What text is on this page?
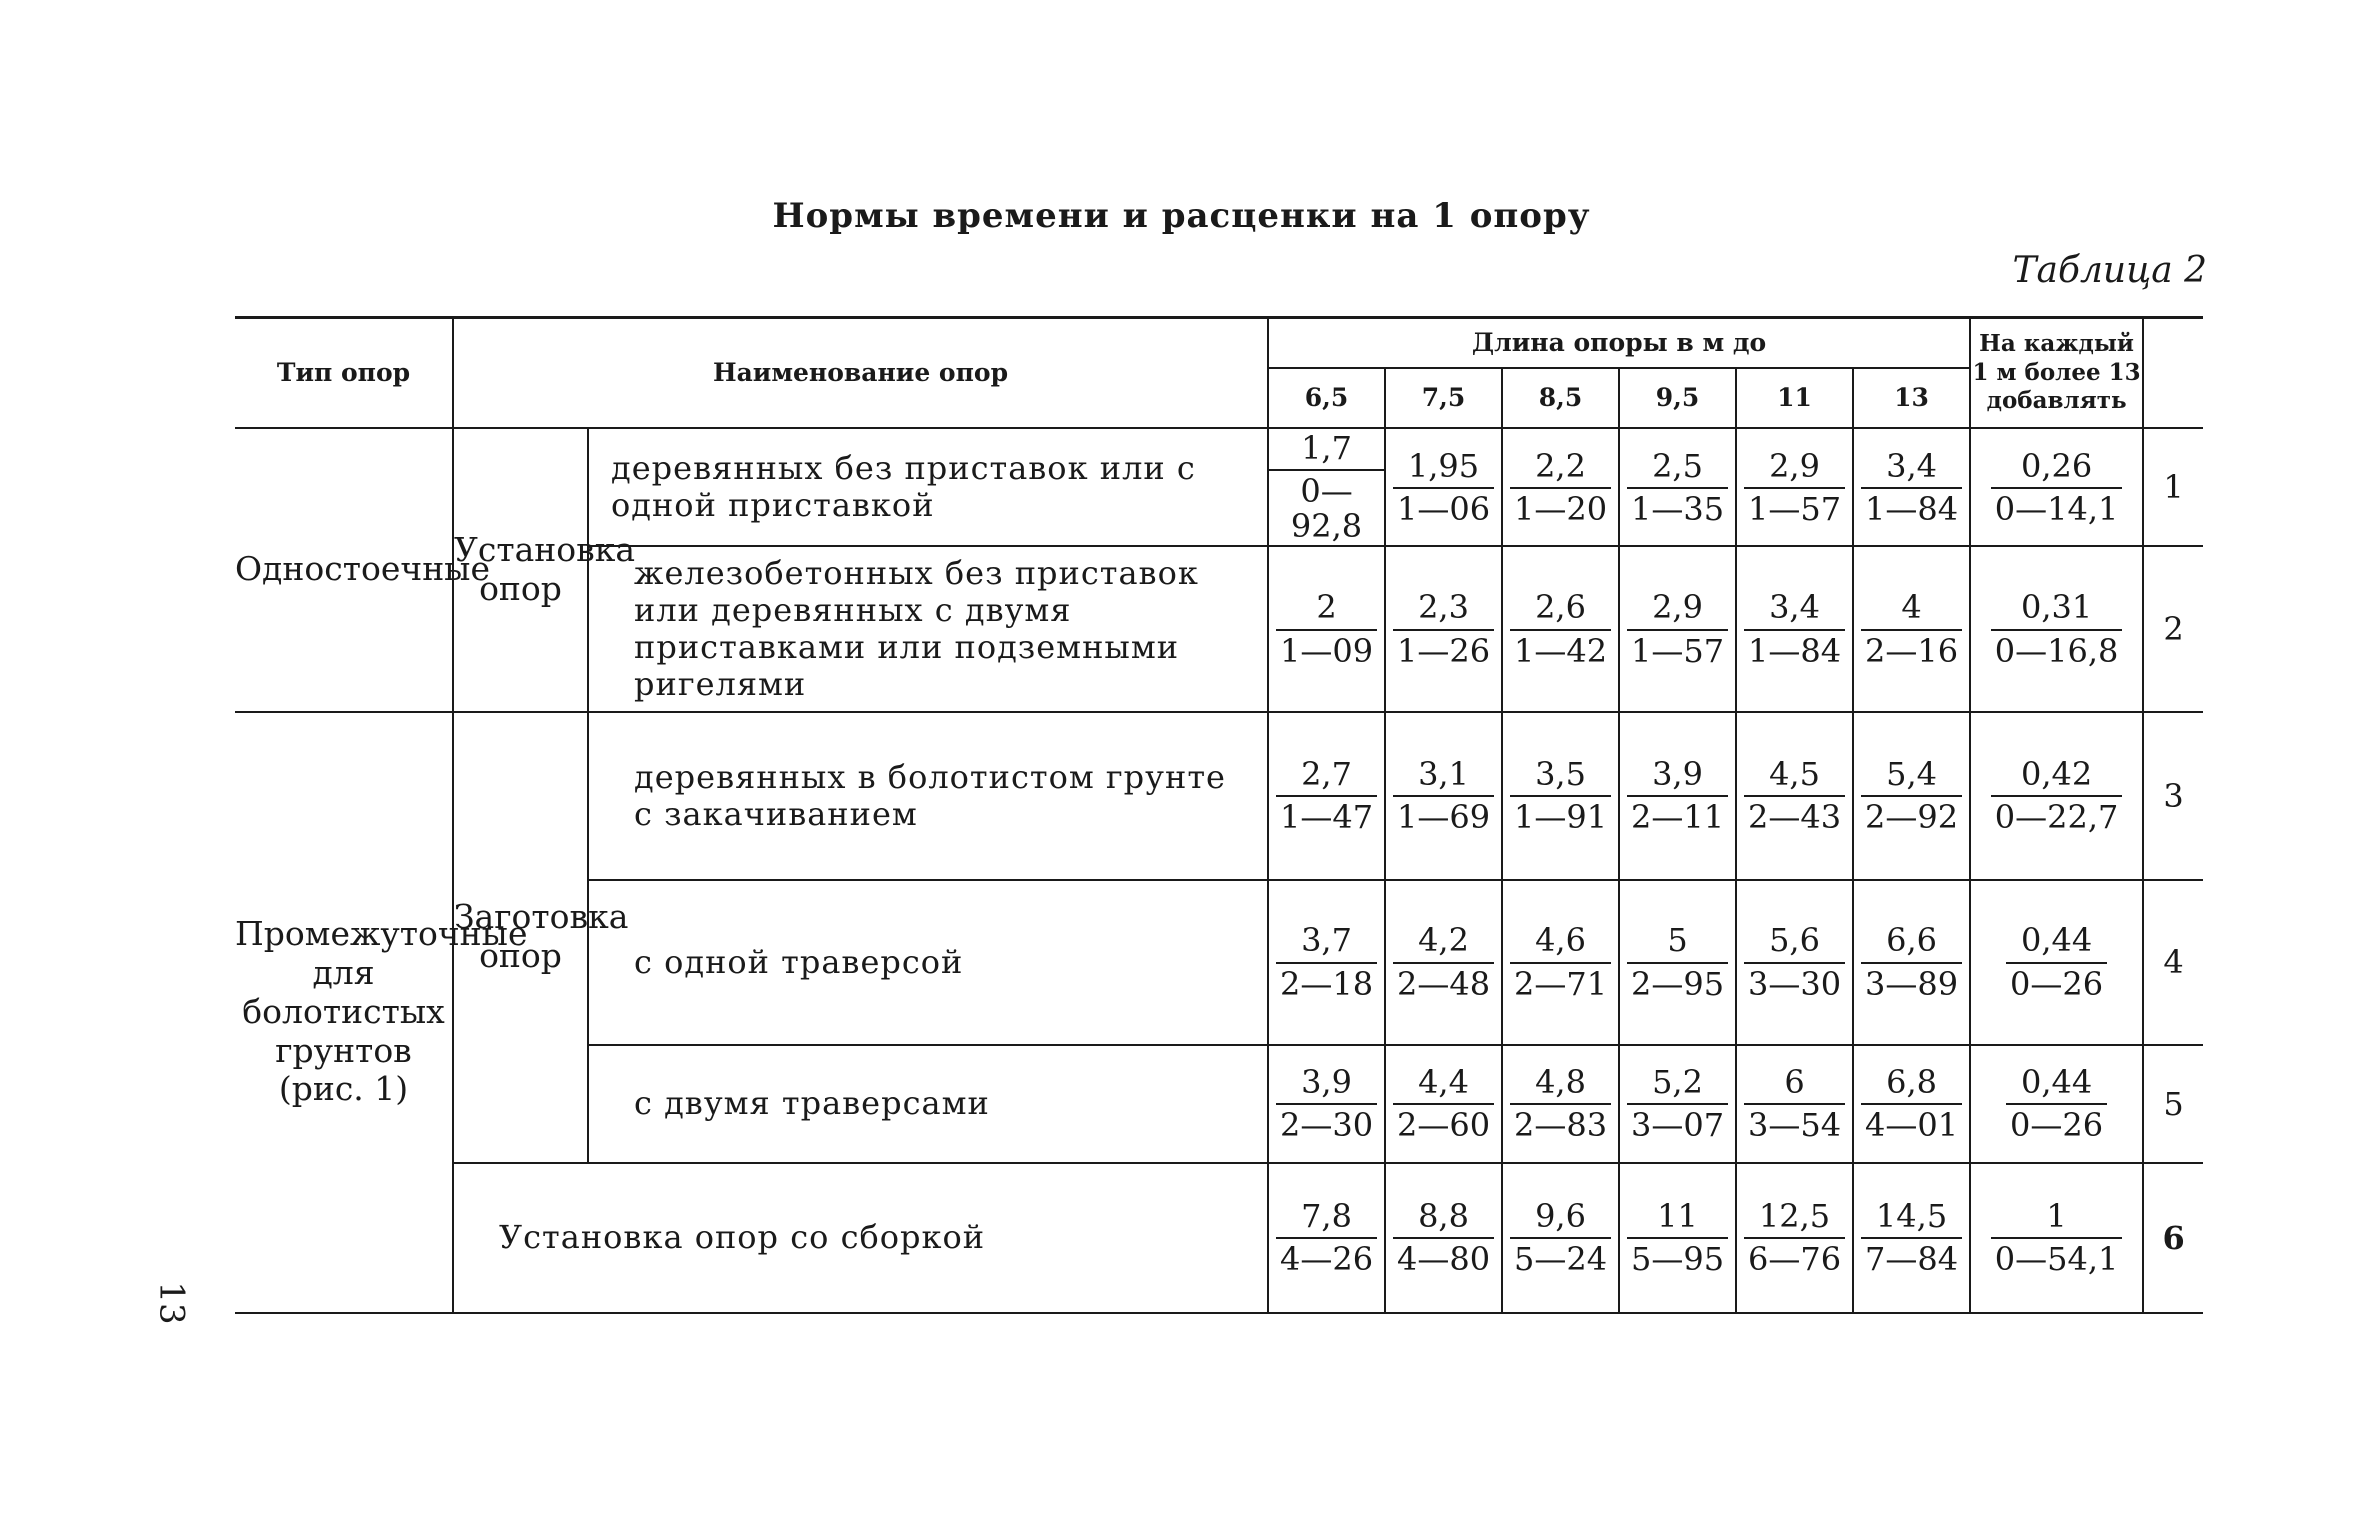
Нормы времени и расценки на 1 опору
Таблица 2
13
Тип опор	Наименование опор		Длина опоры в м до						На каждый 1 м более 13 добавлять	
			6,5	7,5	8,5	9,5	11	13		
Одностоечные	Установка опор	деревянных без приставок или с одной приставкой	$\frac{1,7}{0—92,8}$	$\frac{1,95}{1—06}$	$\frac{2,2}{1—20}$	$\frac{2,5}{1—35}$	$\frac{2,9}{1—57}$	$\frac{3,4}{1—84}$	$\frac{0,26}{0—14,1}$	1
		железобетонных без приставок или деревянных с двумя приставками или подземными ригелями	$\frac{2}{1—09}$	$\frac{2,3}{1—26}$	$\frac{2,6}{1—42}$	$\frac{2,9}{1—57}$	$\frac{3,4}{1—84}$	$\frac{4}{2—16}$	$\frac{0,31}{0—16,8}$	2
Промежуточные для болотистых грунтов (рис. 1)	Заготовка опор	деревянных в болотистом грунте с закачиванием	$\frac{2,7}{1—47}$	$\frac{3,1}{1—69}$	$\frac{3,5}{1—91}$	$\frac{3,9}{2—11}$	$\frac{4,5}{2—43}$	$\frac{5,4}{2—92}$	$\frac{0,42}{0—22,7}$	3
		с одной траверсой	$\frac{3,7}{2—18}$	$\frac{4,2}{2—48}$	$\frac{4,6}{2—71}$	$\frac{5}{2—95}$	$\frac{5,6}{3—30}$	$\frac{6,6}{3—89}$	$\frac{0,44}{0—26}$	4
		с двумя траверсами	$\frac{3,9}{2—30}$	$\frac{4,4}{2—60}$	$\frac{4,8}{2—83}$	$\frac{5,2}{3—07}$	$\frac{6}{3—54}$	$\frac{6,8}{4—01}$	$\frac{0,44}{0—26}$	5
	Установка опор со сборкой		$\frac{7,8}{4—26}$	$\frac{8,8}{4—80}$	$\frac{9,6}{5—24}$	$\frac{11}{5—95}$	$\frac{12,5}{6—76}$	$\frac{14,5}{7—84}$	$\frac{1}{0—54,1}$	6
